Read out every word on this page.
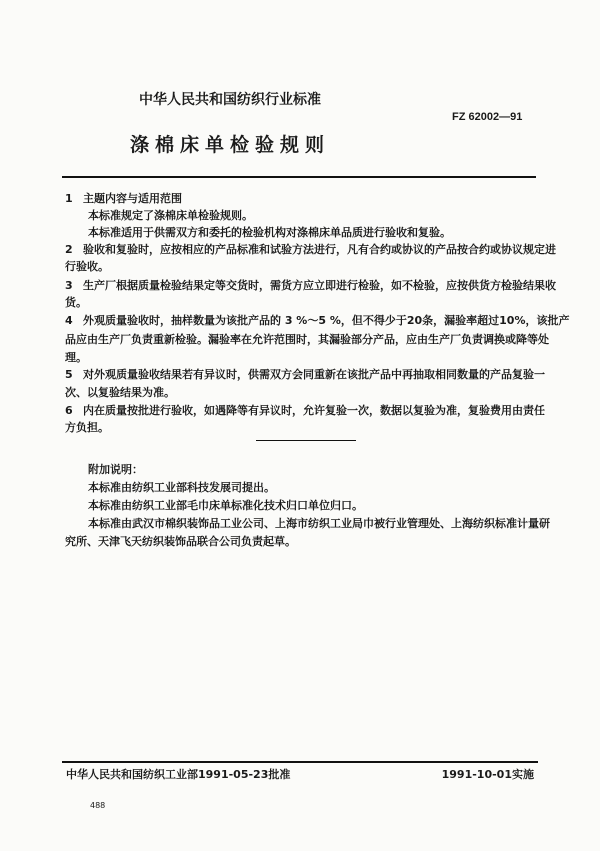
中华人民共和国纺织行业标准
FZ 62002—91
涤棉床单检验规则
1 主题内容与适用范围
本标准规定了涤棉床单检验规则。
本标准适用于供需双方和委托的检验机构对涤棉床单品质进行验收和复验。
2 验收和复验时，应按相应的产品标准和试验方法进行，凡有合约或协议的产品按合约或协议规定进
行验收。
3 生产厂根据质量检验结果定等交货时，需货方应立即进行检验，如不检验，应按供货方检验结果收
货。
4 外观质量验收时，抽样数量为该批产品的 3 %～5 %，但不得少于20条，漏验率超过10%，该批产
品应由生产厂负责重新检验。漏验率在允许范围时，其漏验部分产品，应由生产厂负责调换或降等处
理。
5 对外观质量验收结果若有异议时，供需双方会同重新在该批产品中再抽取相同数量的产品复验一
次、以复验结果为准。
6 内在质量按批进行验收，如遇降等有异议时，允许复验一次，数据以复验为准，复验费用由责任
方负担。
附加说明：
本标准由纺织工业部科技发展司提出。
本标准由纺织工业部毛巾床单标准化技术归口单位归口。
本标准由武汉市棉织装饰品工业公司、上海市纺织工业局巾被行业管理处、上海纺织标准计量研
究所、天津飞天纺织装饰品联合公司负责起草。
中华人民共和国纺织工业部1991-05-23批准	1991-10-01实施
488
